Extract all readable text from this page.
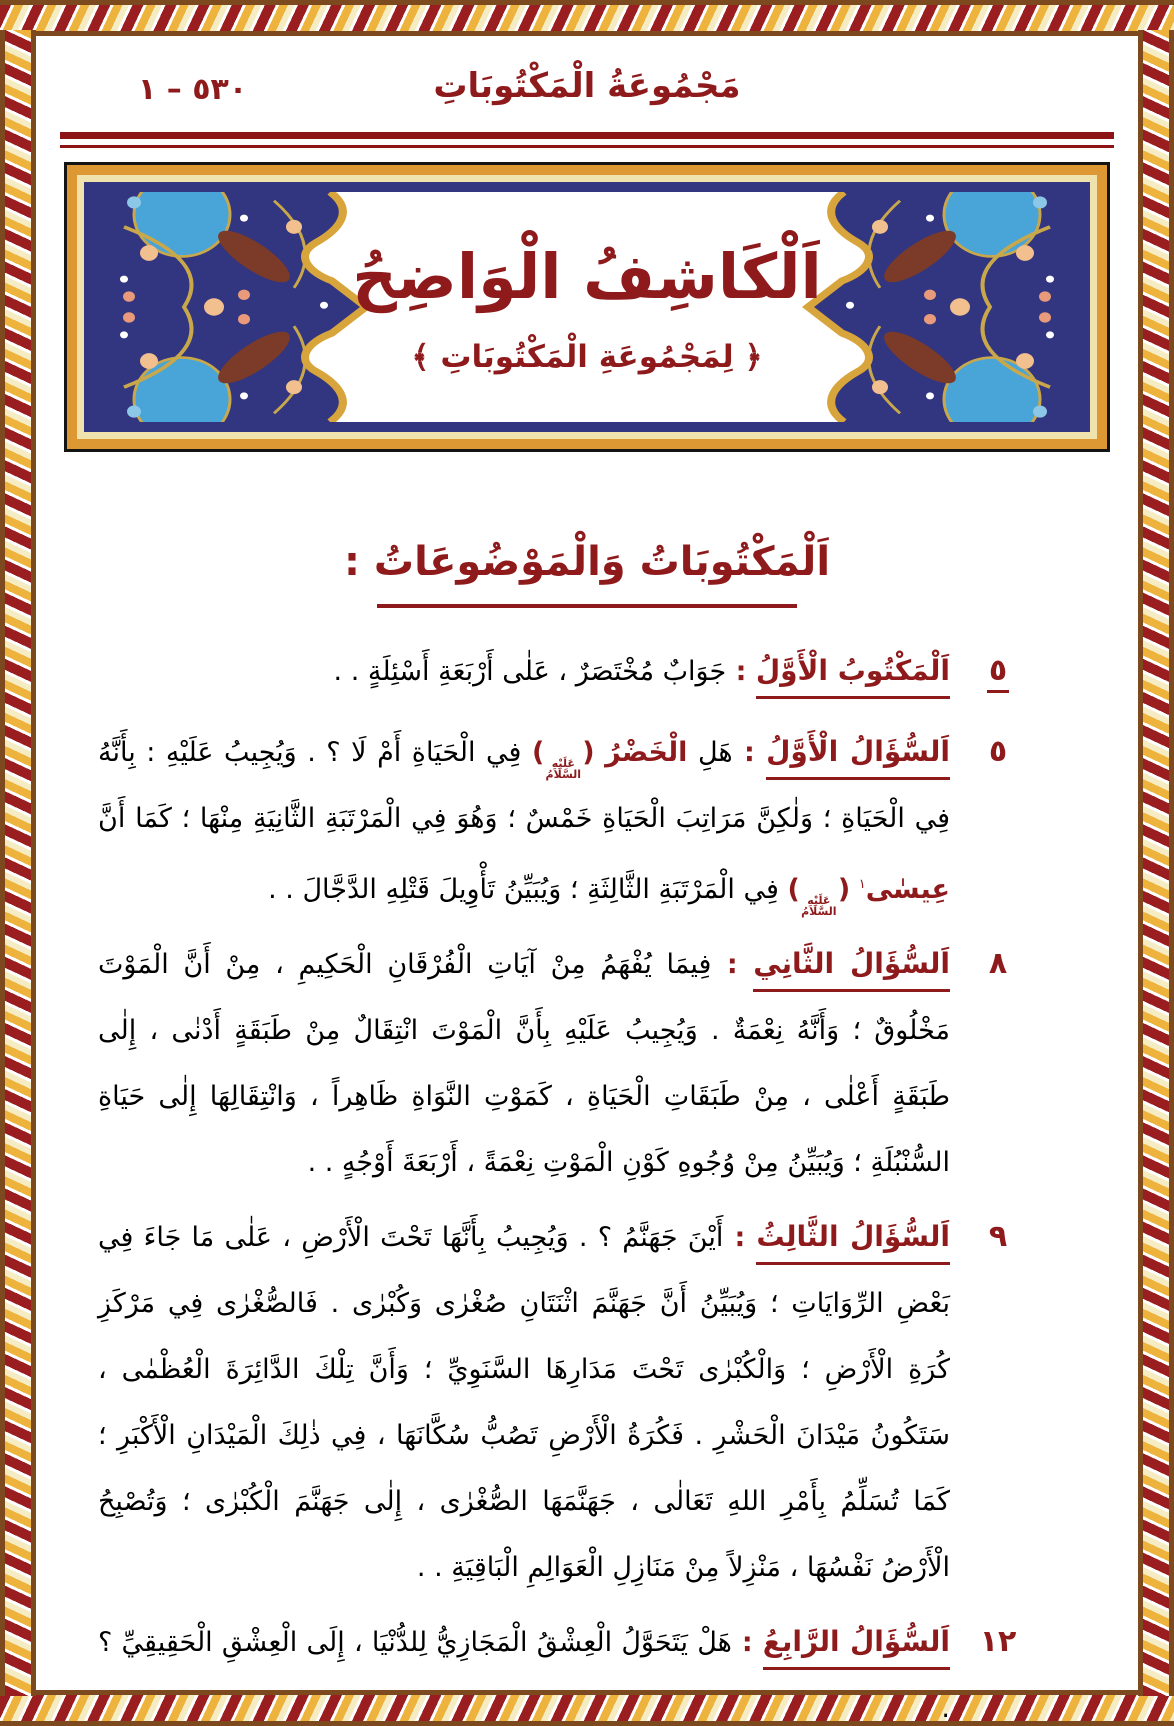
مَجْمُوعَةُ الْمَكْتُوبَاتِ
٥٣٠ – ١
اَلْكَاشِفُ الْوَاضِحُ
﴿ لِمَجْمُوعَةِ الْمَكْتُوبَاتِ ﴾
اَلْمَكْتُوبَاتُ وَالْمَوْضُوعَاتُ :
٥
اَلْمَكْتُوبُ الْأَوَّلُ : جَوَابٌ مُخْتَصَرٌ ، عَلٰى أَرْبَعَةِ أَسْئِلَةٍ . .
٥
اَلسُّؤَالُ الْأَوَّلُ : هَلِ الْخَضْرُ (
عَلَيْهِ
السَّلَامُ
) فِي الْحَيَاةِ أَمْ لَا ؟ . وَيُجِيبُ عَلَيْهِ : بِأَنَّهُ فِي الْحَيَاةِ ؛ وَلٰكِنَّ مَرَاتِبَ الْحَيَاةِ خَمْسٌ ؛ وَهُوَ فِي الْمَرْتَبَةِ الثَّانِيَةِ مِنْهَا ؛ كَمَا أَنَّ عِيسٰى$^١$ (
عَلَيْهِ
السَّلَامُ
) فِي الْمَرْتَبَةِ الثَّالِثَةِ ؛ وَيُبَيِّنُ تَأْوِيلَ قَتْلِهِ الدَّجَّالَ . .
٨
اَلسُّؤَالُ الثَّانِي : فِيمَا يُفْهَمُ مِنْ آيَاتِ الْفُرْقَانِ الْحَكِيمِ ، مِنْ أَنَّ الْمَوْتَ مَخْلُوقٌ ؛ وَأَنَّهُ نِعْمَةٌ . وَيُجِيبُ عَلَيْهِ بِأَنَّ الْمَوْتَ انْتِقَالٌ مِنْ طَبَقَةٍ أَدْنٰى ، إِلٰى طَبَقَةٍ أَعْلٰى ، مِنْ طَبَقَاتِ الْحَيَاةِ ، كَمَوْتِ النَّوَاةِ ظَاهِراً ، وَانْتِقَالِهَا إِلٰى حَيَاةِ السُّنْبُلَةِ ؛ وَيُبَيِّنُ مِنْ وُجُوهِ كَوْنِ الْمَوْتِ نِعْمَةً ، أَرْبَعَةَ أَوْجُهٍ . .
٩
اَلسُّؤَالُ الثَّالِثُ : أَيْنَ جَهَنَّمُ ؟ . وَيُجِيبُ بِأَنَّهَا تَحْتَ الْأَرْضِ ، عَلٰى مَا جَاءَ فِي بَعْضِ الرِّوَايَاتِ ؛ وَيُبَيِّنُ أَنَّ جَهَنَّمَ اثْنَتَانِ صُغْرٰى وَكُبْرٰى . فَالصُّغْرٰى فِي مَرْكَزِ كُرَةِ الْأَرْضِ ؛ وَالْكُبْرٰى تَحْتَ مَدَارِهَا السَّنَوِيِّ ؛ وَأَنَّ تِلْكَ الدَّائِرَةَ الْعُظْمٰى ، سَتَكُونُ مَيْدَانَ الْحَشْرِ . فَكُرَةُ الْأَرْضِ تَصُبُّ سُكَّانَهَا ، فِي ذٰلِكَ الْمَيْدَانِ الْأَكْبَرِ ؛ كَمَا تُسَلِّمُ بِأَمْرِ اللهِ تَعَالٰى ، جَهَنَّمَهَا الصُّغْرٰى ، إِلٰى جَهَنَّمَ الْكُبْرٰى ؛ وَتُصْبِحُ الْأَرْضُ نَفْسُهَا ، مَنْزِلاً مِنْ مَنَازِلِ الْعَوَالِمِ الْبَاقِيَةِ . .
١٢
اَلسُّؤَالُ الرَّابِعُ : هَلْ يَتَحَوَّلُ الْعِشْقُ الْمَجَازِيُّ لِلدُّنْيَا ، إِلَى الْعِشْقِ الْحَقِيقِيِّ ؟ .
